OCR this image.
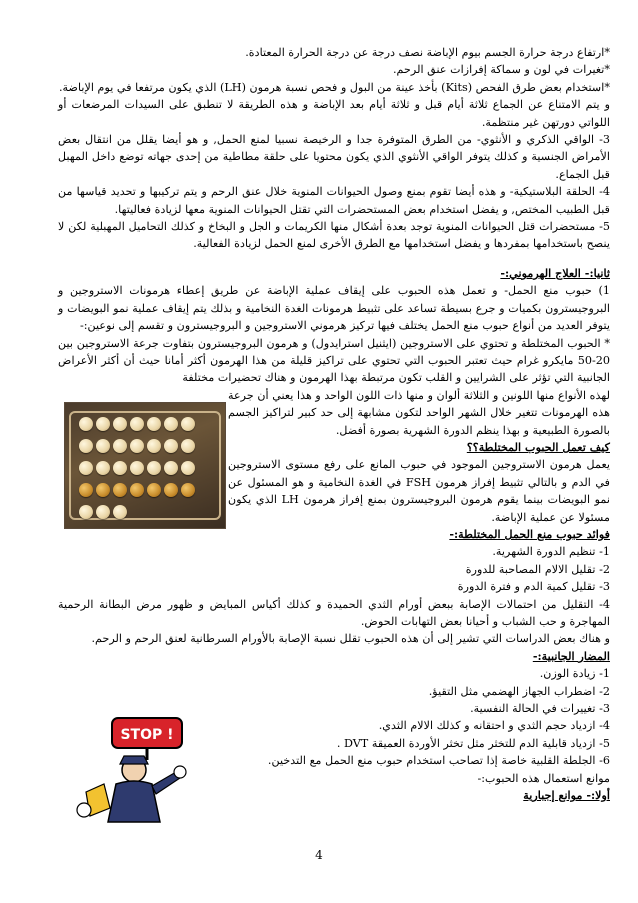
*ارتفاع درجة حرارة الجسم بيوم الإباضة نصف درجة عن درجة الحرارة المعتادة.

*تغيرات في لون و سماكة إفرازات عنق الرحم.

*استخدام بعض طرق الفحص (Kits) بأخذ عينة من البول و فحص نسبة هرمون (LH) الذي يكون مرتفعا في يوم الإباضة.

و يتم الامتناع عن الجماع ثلاثة أيام قبل و ثلاثة أيام بعد الإباضة و هذه الطريقة لا تنطبق على السيدات المرضعات أو اللواتي دورتهن غير منتظمة.

3- الواقي الذكري و الأنثوي- من الطرق المتوفرة جدا و الرخيصة نسبيا لمنع الحمل, و هو أيضا يقلل من انتقال بعض الأمراض الجنسية و كذلك يتوفر الواقي الأنثوي الذي يكون محتويا على حلقة مطاطية من إحدى جهاته توضع داخل المهبل قبل الجماع.

4- الحلقة البلاستيكية- و هذه أيضا تقوم بمنع وصول الحيوانات المنوية خلال عنق الرحم و يتم تركيبها و تحديد قياسها من قبل الطبيب المختص, و يفضل استخدام بعض المستحضرات التي تقتل الحيوانات المنوية معها لزيادة فعاليتها.

5- مستحضرات قتل الحيوانات المنوية توجد بعدة أشكال منها الكريمات و الجل و البخاخ و كذلك التحاميل المهبلية لكن لا ينصح باستخدامها بمفردها و يفضل استخدامها مع الطرق الأخرى لمنع الحمل لزيادة الفعالية.

ثانيا:- العلاج الهرموني:-

1) حبوب منع الحمل- و تعمل هذه الحبوب على إيقاف عملية الإباضة عن طريق إعطاء هرمونات الاستروجين و البروجيسترون بكميات و جرع بسيطة تساعد على تثبيط هرمونات الغدة النخامية و بذلك يتم إيقاف عملية نمو البويضات و يتوفر العديد من أنواع حبوب منع الحمل يختلف فيها تركيز هرموني الاستروجين و البروجيسترون و تقسم إلى نوعين:-

* الحبوب المختلطة و تحتوي على الاستروجين (ايثنيل استرايدول) و هرمون البروجيسترون بتفاوت جرعة الاستروجين بين 20-50 مايكرو غرام حيث تعتبر الحبوب التي تحتوي على تراكيز قليلة من هذا الهرمون أكثر أمانا حيث أن أكثر الأعراض الجانبية التي تؤثر على الشرايين و القلب تكون مرتبطة بهذا الهرمون و هناك تحضيرات مختلفة

لهذه الأنواع منها اللونين و الثلاثة ألوان و منها ذات اللون الواحد و هذا يعني أن جرعة هذه الهرمونات تتغير خلال الشهر الواحد لتكون مشابهة إلى حد كبير لتراكيز الجسم بالصورة الطبيعية و بهذا ينظم الدورة الشهرية بصورة أفضل.

كيف تعمل الحبوب المختلطة؟؟

يعمل هرمون الاستروجين الموجود في حبوب المانع على رفع مستوى الاستروجين في الدم و بالتالي تثبيط إفراز هرمون FSH في الغدة النخامية و هو المسئول عن نمو البويضات بينما يقوم هرمون البروجيسترون بمنع إفراز هرمون LH الذي يكون مسئولا عن عملية الإباضة.

فوائد حبوب منع الحمل المختلطة:-

1- تنظيم الدورة الشهرية.

2- تقليل الالام المصاحبة للدورة

3- تقليل كمية الدم و فترة الدورة

4- التقليل من احتمالات الإصابة ببعض أورام الثدي الحميدة و كذلك أكياس المبايض و ظهور مرض البطانة الرحمية المهاجرة و حب الشباب و أحيانا بعض التهابات الحوض.

و هناك بعض الدراسات التي تشير إلى أن هذه الحبوب تقلل نسبة الإصابة بالأورام السرطانية لعنق الرحم و الرحم.

المضار الجانبية:-

1- زيادة الوزن.

2- اضطراب الجهاز الهضمي مثل التقيؤ.

3- تغييرات في الحالة النفسية.

4- ازدياد حجم الثدي و احتقانه و كذلك الالام الثدي.

5- ازدياد قابلية الدم للتخثر مثل تخثر الأوردة العميقة DVT .

6- الجلطة القلبية خاصة إذا تصاحب استخدام حبوب منع الحمل مع التدخين.

موانع استعمال هذه الحبوب:-

أولا:- موانع إجبارية

STOP !
4
